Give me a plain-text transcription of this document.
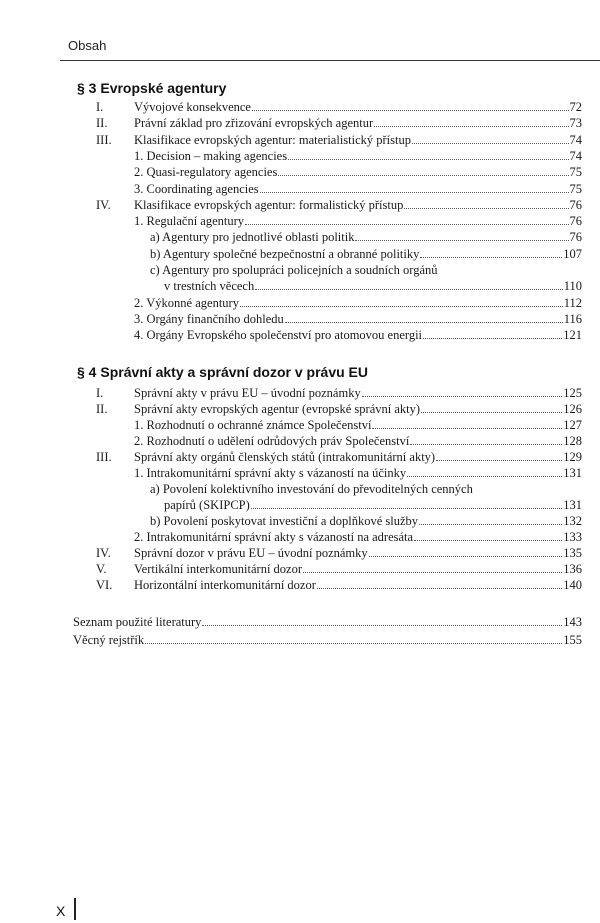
Obsah
§ 3 Evropské agentury
I. Vývojové konsekvence	72
II. Právní základ pro zřizování evropských agentur	73
III. Klasifikace evropských agentur: materialistický přístup	74
1. Decision – making agencies	74
2. Quasi-regulatory agencies	75
3. Coordinating agencies	75
IV. Klasifikace evropských agentur: formalistický přístup	76
1. Regulační agentury	76
a) Agentury pro jednotlivé oblasti politik	76
b) Agentury společné bezpečnostní a obranné politiky	107
c) Agentury pro spolupráci policejních a soudních orgánů
v trestních věcech	110
2. Výkonné agentury	112
3. Orgány finančního dohledu	116
4. Orgány Evropského společenství pro atomovou energii	121
§ 4 Správní akty a správní dozor v právu EU
I. Správní akty v právu EU – úvodní poznámky	125
II. Správní akty evropských agentur (evropské správní akty)	126
1. Rozhodnutí o ochranné známce Společenství	127
2. Rozhodnutí o udělení odrůdových práv Společenství	128
III. Správní akty orgánů členských států (intrakomunitární akty)	129
1. Intrakomunitární správní akty s vázaností na účinky	131
a) Povolení kolektivního investování do převoditelných cenných
papírů (SKIPCP)	131
b) Povolení poskytovat investiční a doplňkové služby	132
2. Intrakomunitární správní akty s vázaností na adresáta	133
IV. Správní dozor v právu EU – úvodní poznámky	135
V. Vertikální interkomunitární dozor	136
VI. Horizontální interkomunitární dozor	140
Seznam použité literatury	143
Věcný rejstřík	155
X
